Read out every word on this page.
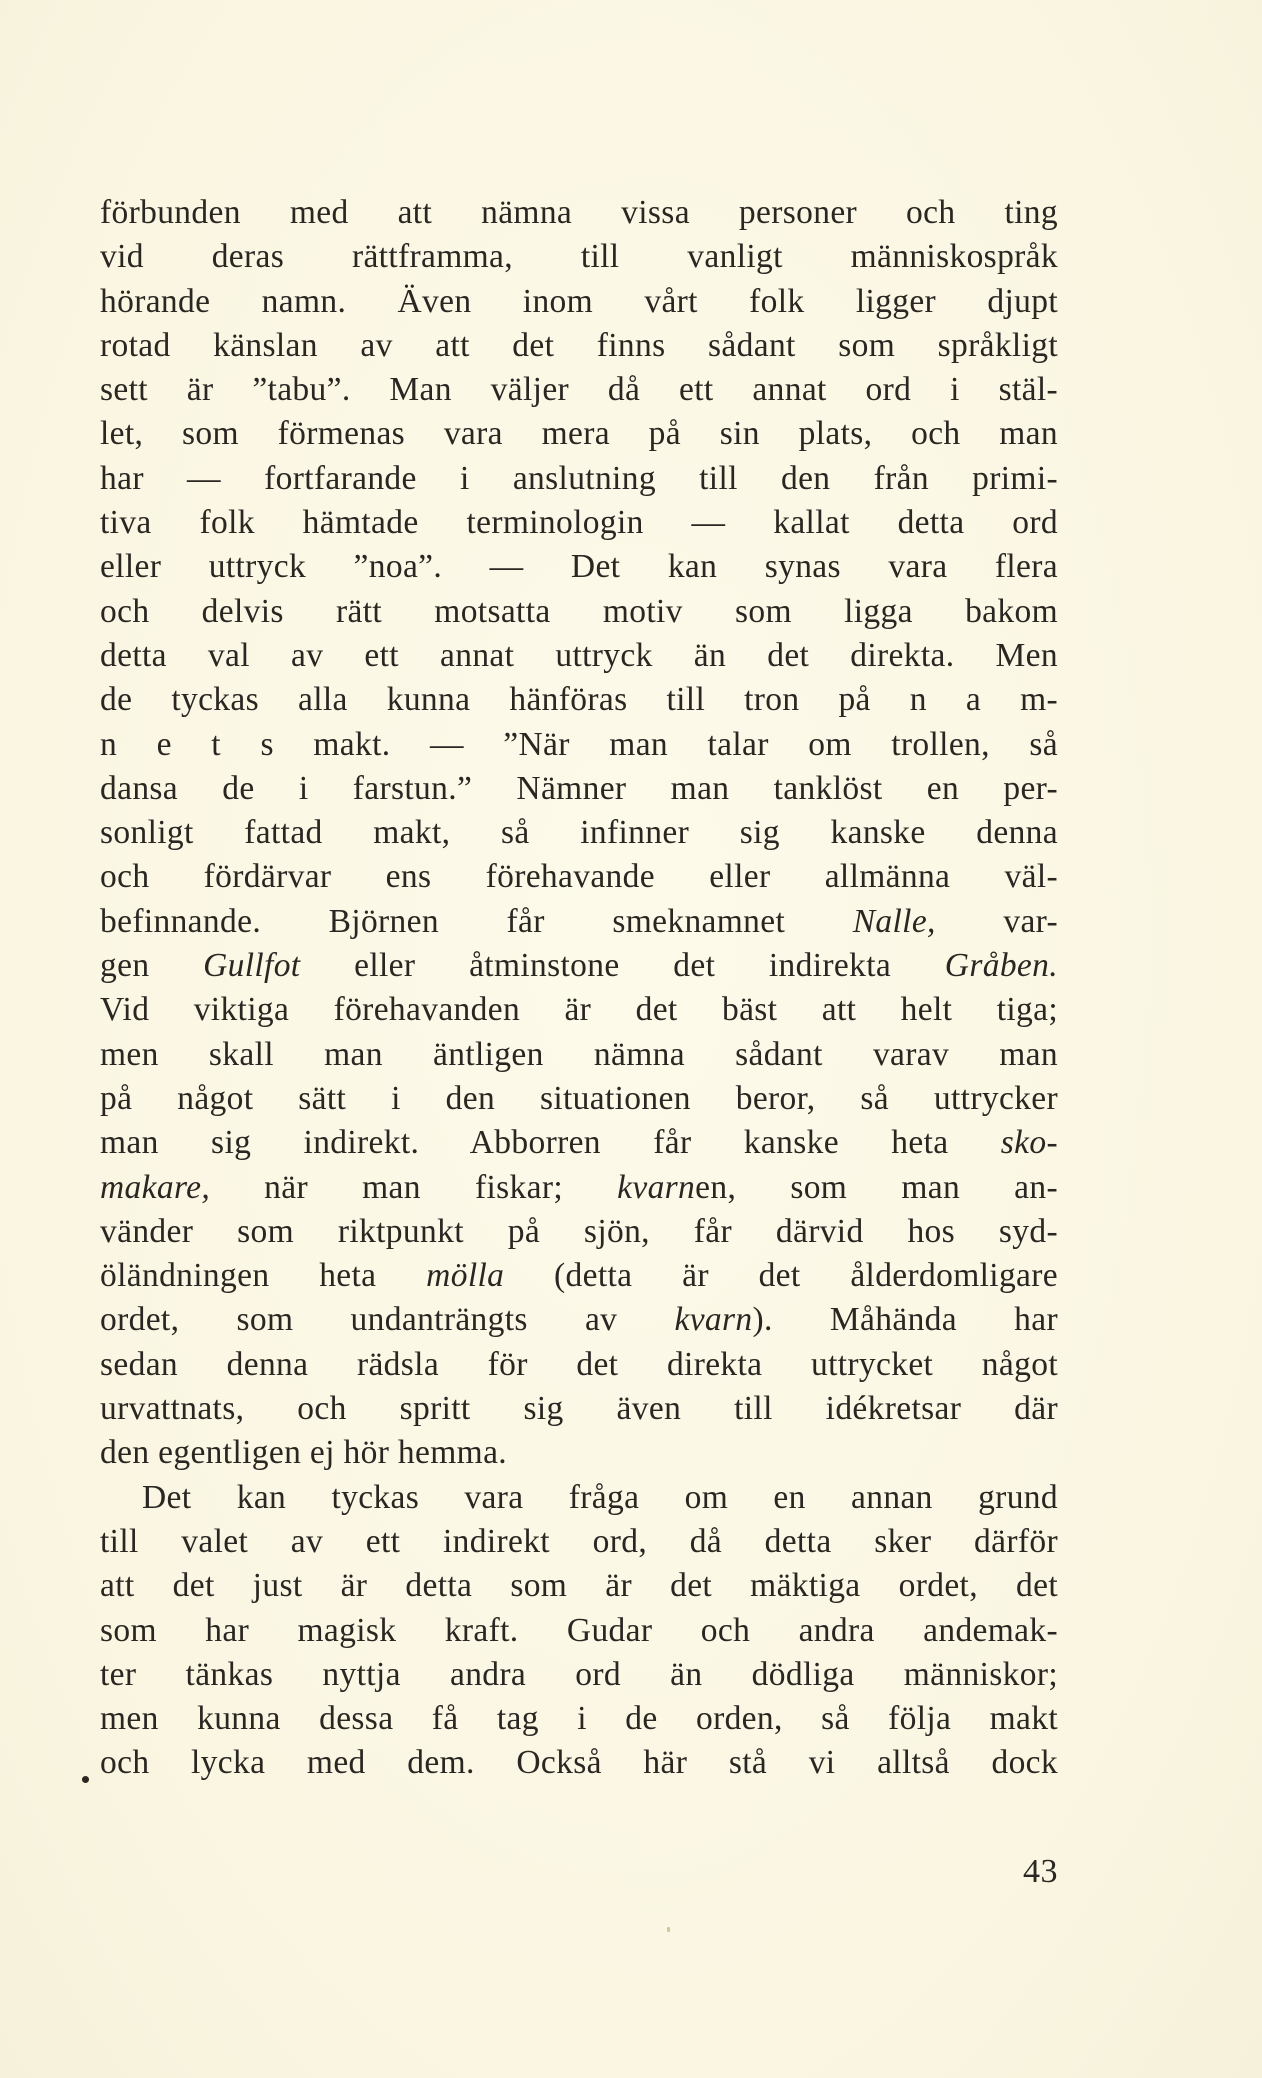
förbunden med att nämna vissa personer och ting
vid deras rättframma, till vanligt människospråk
hörande namn. Även inom vårt folk ligger djupt
rotad känslan av att det finns sådant som språkligt
sett är ”tabu”. Man väljer då ett annat ord i stäl-
let, som förmenas vara mera på sin plats, och man
har — fortfarande i anslutning till den från primi-
tiva folk hämtade terminologin — kallat detta ord
eller uttryck ”noa”. — Det kan synas vara flera
och delvis rätt motsatta motiv som ligga bakom
detta val av ett annat uttryck än det direkta. Men
de tyckas alla kunna hänföras till tron på n a m-
n e t s makt. — ”När man talar om trollen, så
dansa de i farstun.” Nämner man tanklöst en per-
sonligt fattad makt, så infinner sig kanske denna
och fördärvar ens förehavande eller allmänna väl-
befinnande. Björnen får smeknamnet Nalle, var-
gen Gullfot eller åtminstone det indirekta Gråben.
Vid viktiga förehavanden är det bäst att helt tiga;
men skall man äntligen nämna sådant varav man
på något sätt i den situationen beror, så uttrycker
man sig indirekt. Abborren får kanske heta sko-
makare, när man fiskar; kvarnen, som man an-
vänder som riktpunkt på sjön, får därvid hos syd-
öländningen heta mölla (detta är det ålderdomligare
ordet, som undanträngts av kvarn). Måhända har
sedan denna rädsla för det direkta uttrycket något
urvattnats, och spritt sig även till idékretsar där
den egentligen ej hör hemma.
Det kan tyckas vara fråga om en annan grund
till valet av ett indirekt ord, då detta sker därför
att det just är detta som är det mäktiga ordet, det
som har magisk kraft. Gudar och andra andemak-
ter tänkas nyttja andra ord än dödliga människor;
men kunna dessa få tag i de orden, så följa makt
och lycka med dem. Också här stå vi alltså dock
43
